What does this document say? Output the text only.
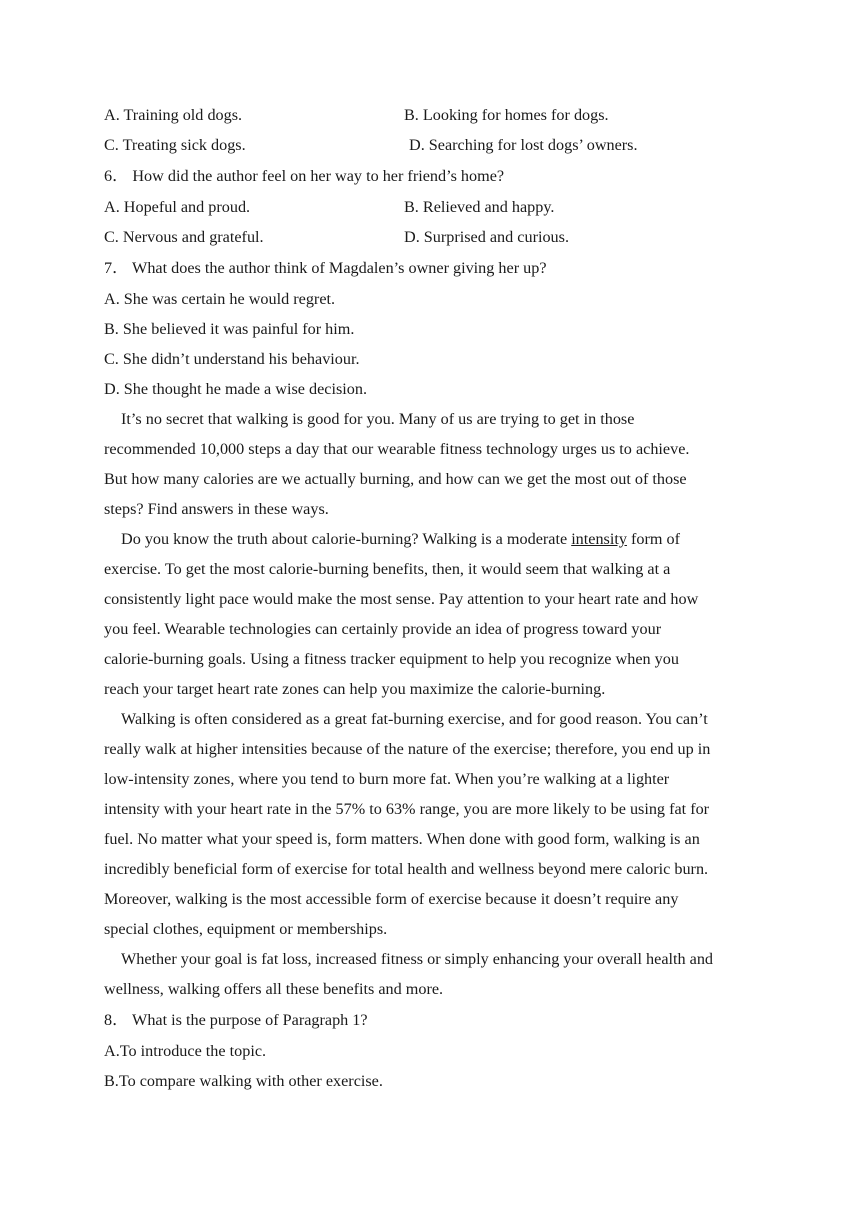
A. Training old dogs.	B. Looking for homes for dogs.
C. Treating sick dogs.	D. Searching for lost dogs’ owners.
6． How did the author feel on her way to her friend’s home?
A. Hopeful and proud.	B. Relieved and happy.
C. Nervous and grateful.	D. Surprised and curious.
7． What does the author think of Magdalen’s owner giving her up?
A. She was certain he would regret.
B. She believed it was painful for him.
C. She didn’t understand his behaviour.
D. She thought he made a wise decision.
It’s no secret that walking is good for you. Many of us are trying to get in those
recommended 10,000 steps a day that our wearable fitness technology urges us to achieve.
But how many calories are we actually burning, and how can we get the most out of those
steps? Find answers in these ways.
Do you know the truth about calorie-burning? Walking is a moderate intensity form of
exercise. To get the most calorie-burning benefits, then, it would seem that walking at a
consistently light pace would make the most sense. Pay attention to your heart rate and how
you feel. Wearable technologies can certainly provide an idea of progress toward your
calorie-burning goals. Using a fitness tracker equipment to help you recognize when you
reach your target heart rate zones can help you maximize the calorie-burning.
Walking is often considered as a great fat-burning exercise, and for good reason. You can’t
really walk at higher intensities because of the nature of the exercise; therefore, you end up in
low-intensity zones, where you tend to burn more fat. When you’re walking at a lighter
intensity with your heart rate in the 57% to 63% range, you are more likely to be using fat for
fuel. No matter what your speed is, form matters. When done with good form, walking is an
incredibly beneficial form of exercise for total health and wellness beyond mere caloric burn.
Moreover, walking is the most accessible form of exercise because it doesn’t require any
special clothes, equipment or memberships.
Whether your goal is fat loss, increased fitness or simply enhancing your overall health and
wellness, walking offers all these benefits and more.
8． What is the purpose of Paragraph 1?
A.To introduce the topic.
B.To compare walking with other exercise.
